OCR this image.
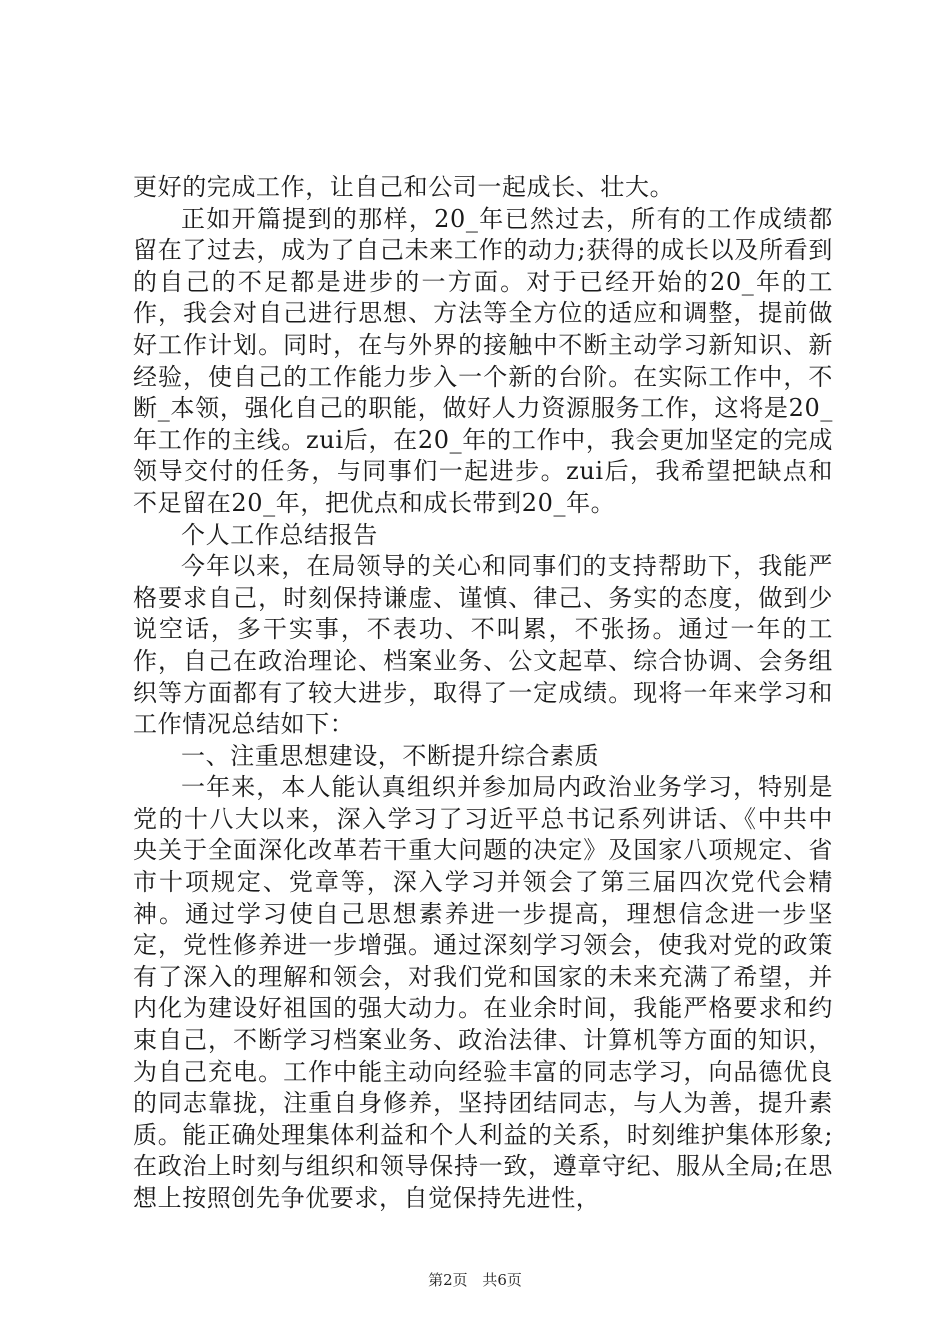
更好的完成工作，让自己和公司一起成长、壮大。

正如开篇提到的那样，20_年已然过去，所有的工作成绩都留在了过去，成为了自己未来工作的动力;获得的成长以及所看到的自己的不足都是进步的一方面。对于已经开始的20_年的工作，我会对自己进行思想、方法等全方位的适应和调整，提前做好工作计划。同时，在与外界的接触中不断主动学习新知识、新经验，使自己的工作能力步入一个新的台阶。在实际工作中，不断_本领，强化自己的职能，做好人力资源服务工作，这将是20_年工作的主线。zui后，在20_年的工作中，我会更加坚定的完成领导交付的任务，与同事们一起进步。zui后，我希望把缺点和不足留在20_年，把优点和成长带到20_年。

个人工作总结报告

今年以来，在局领导的关心和同事们的支持帮助下，我能严格要求自己，时刻保持谦虚、谨慎、律己、务实的态度，做到少说空话，多干实事，不表功、不叫累，不张扬。通过一年的工作，自己在政治理论、档案业务、公文起草、综合协调、会务组织等方面都有了较大进步，取得了一定成绩。现将一年来学习和工作情况总结如下：

一、注重思想建设，不断提升综合素质

一年来，本人能认真组织并参加局内政治业务学习，特别是党的十八大以来，深入学习了习近平总书记系列讲话、《中共中央关于全面深化改革若干重大问题的决定》及国家八项规定、省市十项规定、党章等，深入学习并领会了第三届四次党代会精神。通过学习使自己思想素养进一步提高，理想信念进一步坚定，党性修养进一步增强。通过深刻学习领会，使我对党的政策有了深入的理解和领会，对我们党和国家的未来充满了希望，并内化为建设好祖国的强大动力。在业余时间，我能严格要求和约束自己，不断学习档案业务、政治法律、计算机等方面的知识，为自己充电。工作中能主动向经验丰富的同志学习，向品德优良的同志靠拢，注重自身修养，坚持团结同志，与人为善，提升素质。能正确处理集体利益和个人利益的关系，时刻维护集体形象;在政治上时刻与组织和领导保持一致，遵章守纪、服从全局;在思想上按照创先争优要求，自觉保持先进性，

第2页 共6页
